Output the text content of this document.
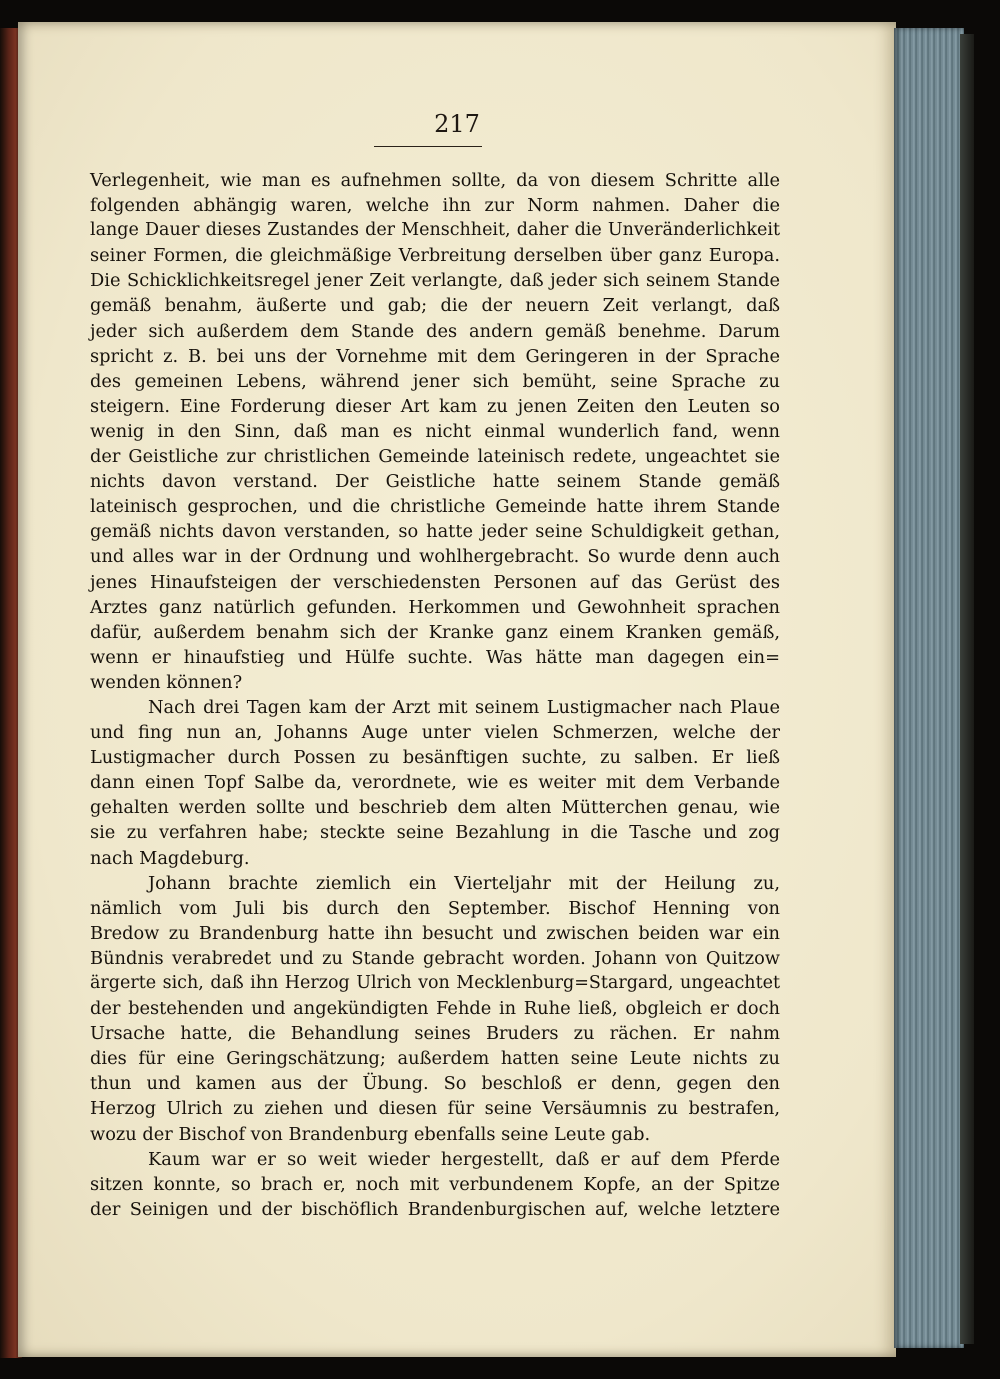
217
Verlegenheit, wie man es aufnehmen sollte, da von diesem Schritte alle
folgenden abhängig waren, welche ihn zur Norm nahmen. Daher die
lange Dauer dieses Zustandes der Menschheit, daher die Unveränderlichkeit
seiner Formen, die gleichmäßige Verbreitung derselben über ganz Europa.
Die Schicklichkeitsregel jener Zeit verlangte, daß jeder sich seinem Stande
gemäß benahm, äußerte und gab; die der neuern Zeit verlangt, daß
jeder sich außerdem dem Stande des andern gemäß benehme. Darum
spricht z. B. bei uns der Vornehme mit dem Geringeren in der Sprache
des gemeinen Lebens, während jener sich bemüht, seine Sprache zu
steigern. Eine Forderung dieser Art kam zu jenen Zeiten den Leuten so
wenig in den Sinn, daß man es nicht einmal wunderlich fand, wenn
der Geistliche zur christlichen Gemeinde lateinisch redete, ungeachtet sie
nichts davon verstand. Der Geistliche hatte seinem Stande gemäß
lateinisch gesprochen, und die christliche Gemeinde hatte ihrem Stande
gemäß nichts davon verstanden, so hatte jeder seine Schuldigkeit gethan,
und alles war in der Ordnung und wohlhergebracht. So wurde denn auch
jenes Hinaufsteigen der verschiedensten Personen auf das Gerüst des
Arztes ganz natürlich gefunden. Herkommen und Gewohnheit sprachen
dafür, außerdem benahm sich der Kranke ganz einem Kranken gemäß,
wenn er hinaufstieg und Hülfe suchte. Was hätte man dagegen ein=
wenden können?
Nach drei Tagen kam der Arzt mit seinem Lustigmacher nach Plaue
und fing nun an, Johanns Auge unter vielen Schmerzen, welche der
Lustigmacher durch Possen zu besänftigen suchte, zu salben. Er ließ
dann einen Topf Salbe da, verordnete, wie es weiter mit dem Verbande
gehalten werden sollte und beschrieb dem alten Mütterchen genau, wie
sie zu verfahren habe; steckte seine Bezahlung in die Tasche und zog
nach Magdeburg.
Johann brachte ziemlich ein Vierteljahr mit der Heilung zu,
nämlich vom Juli bis durch den September. Bischof Henning von
Bredow zu Brandenburg hatte ihn besucht und zwischen beiden war ein
Bündnis verabredet und zu Stande gebracht worden. Johann von Quitzow
ärgerte sich, daß ihn Herzog Ulrich von Mecklenburg=Stargard, ungeachtet
der bestehenden und angekündigten Fehde in Ruhe ließ, obgleich er doch
Ursache hatte, die Behandlung seines Bruders zu rächen. Er nahm
dies für eine Geringschätzung; außerdem hatten seine Leute nichts zu
thun und kamen aus der Übung. So beschloß er denn, gegen den
Herzog Ulrich zu ziehen und diesen für seine Versäumnis zu bestrafen,
wozu der Bischof von Brandenburg ebenfalls seine Leute gab.
Kaum war er so weit wieder hergestellt, daß er auf dem Pferde
sitzen konnte, so brach er, noch mit verbundenem Kopfe, an der Spitze
der Seinigen und der bischöflich Brandenburgischen auf, welche letztere
